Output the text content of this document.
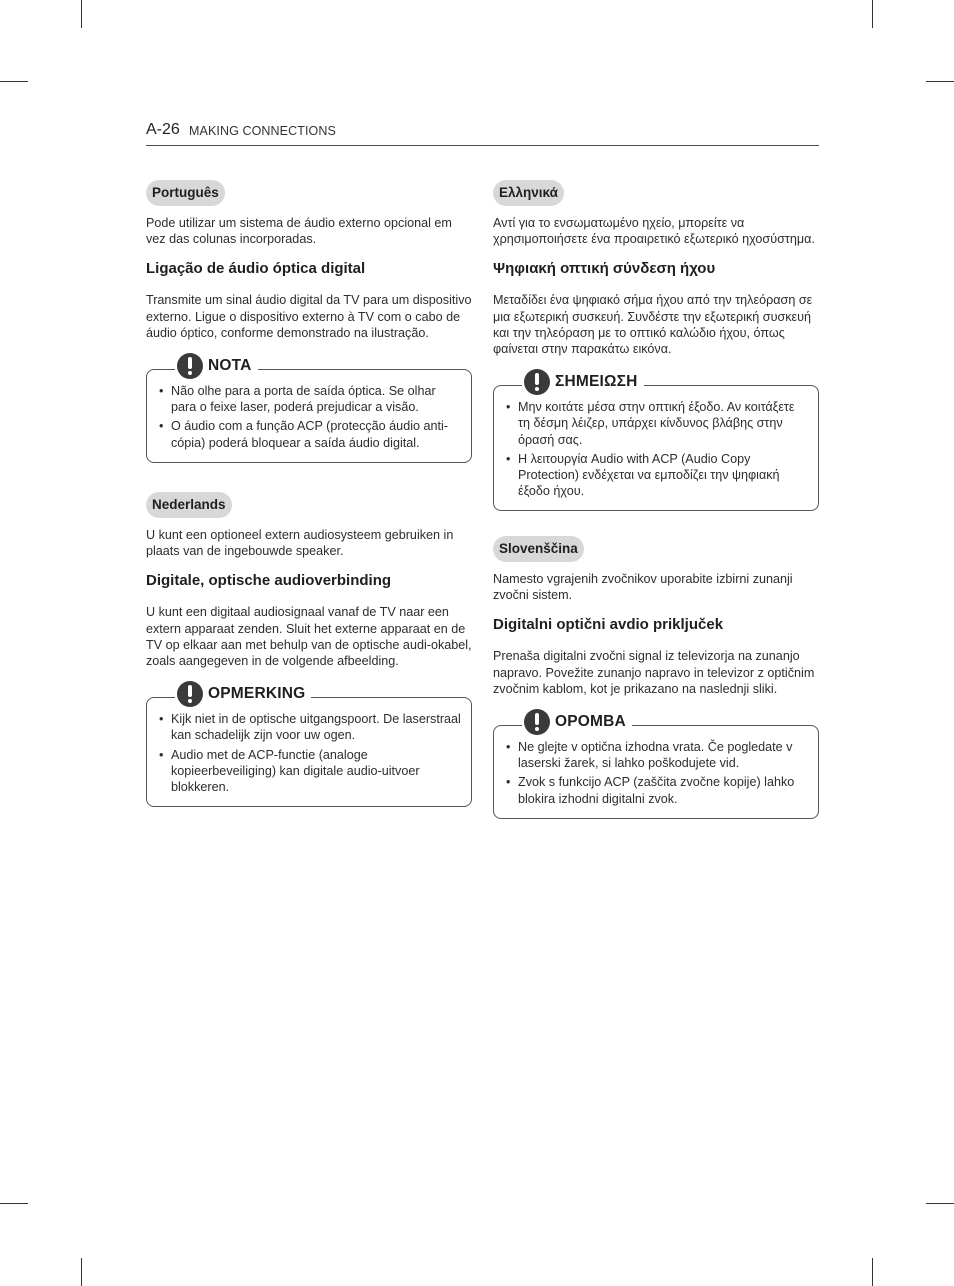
A-26 MAKING CONNECTIONS
Português

Pode utilizar um sistema de áudio externo opcional em vez das colunas incorporadas.

Ligação de áudio óptica digital

Transmite um sinal áudio digital da TV para um dispositivo externo. Ligue o dispositivo externo à TV com o cabo de áudio óptico, conforme demonstrado na ilustração.

NOTA
• Não olhe para a porta de saída óptica. Se olhar para o feixe laser, poderá prejudicar a visão.
• O áudio com a função ACP (protecção áudio anti-cópia) poderá bloquear a saída áudio digital.
Nederlands

U kunt een optioneel extern audiosysteem gebruiken in plaats van de ingebouwde speaker.

Digitale, optische audioverbinding

U kunt een digitaal audiosignaal vanaf de TV naar een extern apparaat zenden. Sluit het externe apparaat en de TV op elkaar aan met behulp van de optische audi-okabel, zoals aangegeven in de volgende afbeelding.

OPMERKING
• Kijk niet in de optische uitgangspoort. De laserstraal kan schadelijk zijn voor uw ogen.
• Audio met de ACP-functie (analoge kopieerbeveiliging) kan digitale audio-uitvoer blokkeren.
Ελληνικά

Αντί για το ενσωματωμένο ηχείο, μπορείτε να χρησιμοποιήσετε ένα προαιρετικό εξωτερικό ηχοσύστημα.

Ψηφιακή οπτική σύνδεση ήχου

Μεταδίδει ένα ψηφιακό σήμα ήχου από την τηλεόραση σε μια εξωτερική συσκευή. Συνδέστε την εξωτερική συσκευή και την τηλεόραση με το οπτικό καλώδιο ήχου, όπως φαίνεται στην παρακάτω εικόνα.

ΣΗΜΕΙΩΣΗ
• Μην κοιτάτε μέσα στην οπτική έξοδο. Αν κοιτάξετε τη δέσμη λέιζερ, υπάρχει κίνδυνος βλάβης στην όρασή σας.
• Η λειτουργία Audio with ACP (Audio Copy Protection) ενδέχεται να εμποδίζει την ψηφιακή έξοδο ήχου.
Slovenščina

Namesto vgrajenih zvočnikov uporabite izbirni zunanji zvočni sistem.

Digitalni optični avdio priključek

Prenaša digitalni zvočni signal iz televizorja na zunanjo napravo. Povežite zunanjo napravo in televizor z optičnim zvočnim kablom, kot je prikazano na naslednji sliki.

OPOMBA
• Ne glejte v optična izhodna vrata. Če pogledate v laserski žarek, si lahko poškodujete vid.
• Zvok s funkcijo ACP (zaščita zvočne kopije) lahko blokira izhodni digitalni zvok.
